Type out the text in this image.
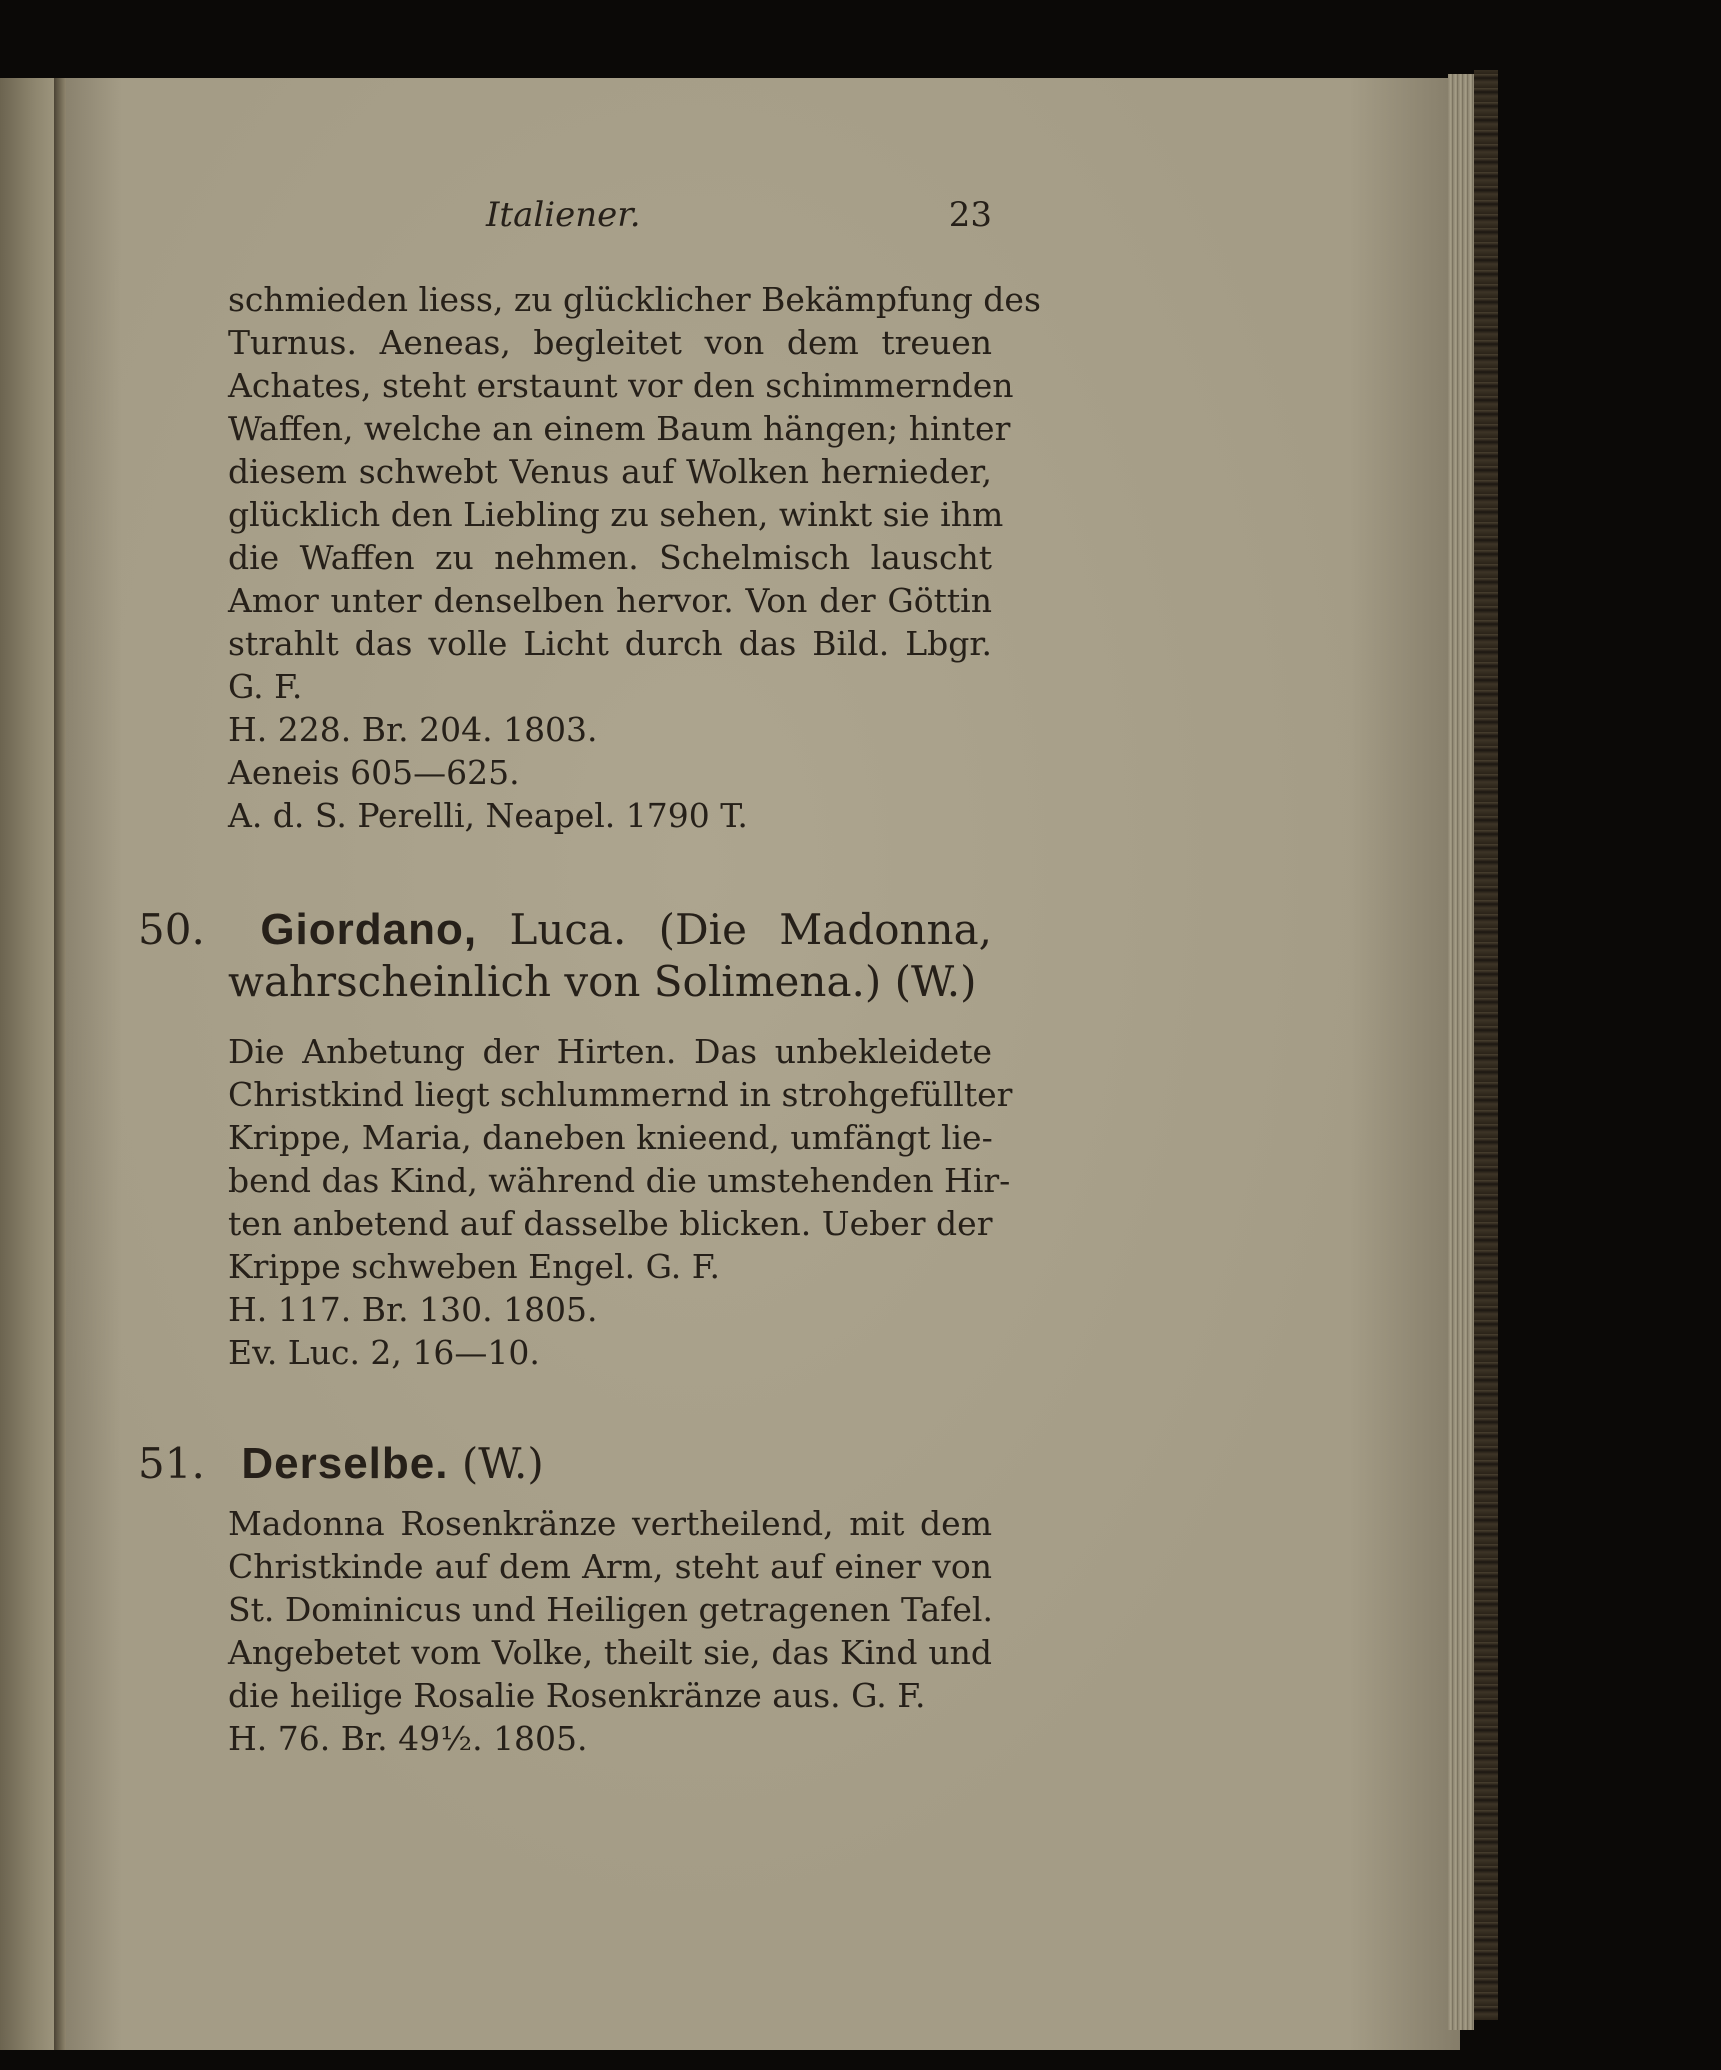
Italiener.	23
schmieden liess, zu glücklicher Bekämpfung des
Turnus. Aeneas, begleitet von dem treuen
Achates, steht erstaunt vor den schimmernden
Waffen, welche an einem Baum hängen; hinter
diesem schwebt Venus auf Wolken hernieder,
glücklich den Liebling zu sehen, winkt sie ihm
die Waffen zu nehmen. Schelmisch lauscht
Amor unter denselben hervor. Von der Göttin
strahlt das volle Licht durch das Bild. Lbgr.
G. F.
H. 228. Br. 204. 1803.
Aeneis 605—625.
A. d. S. Perelli, Neapel. 1790 T.
50. Giordano, Luca. (Die Madonna,
wahrscheinlich von Solimena.) (W.)
Die Anbetung der Hirten. Das unbekleidete
Christkind liegt schlummernd in strohgefüllter
Krippe, Maria, daneben knieend, umfängt lie-
bend das Kind, während die umstehenden Hir-
ten anbetend auf dasselbe blicken. Ueber der
Krippe schweben Engel. G. F.
H. 117. Br. 130. 1805.
Ev. Luc. 2, 16—10.
51. Derselbe. (W.)
Madonna Rosenkränze vertheilend, mit dem
Christkinde auf dem Arm, steht auf einer von
St. Dominicus und Heiligen getragenen Tafel.
Angebetet vom Volke, theilt sie, das Kind und
die heilige Rosalie Rosenkränze aus. G. F.
H. 76. Br. 49½. 1805.
